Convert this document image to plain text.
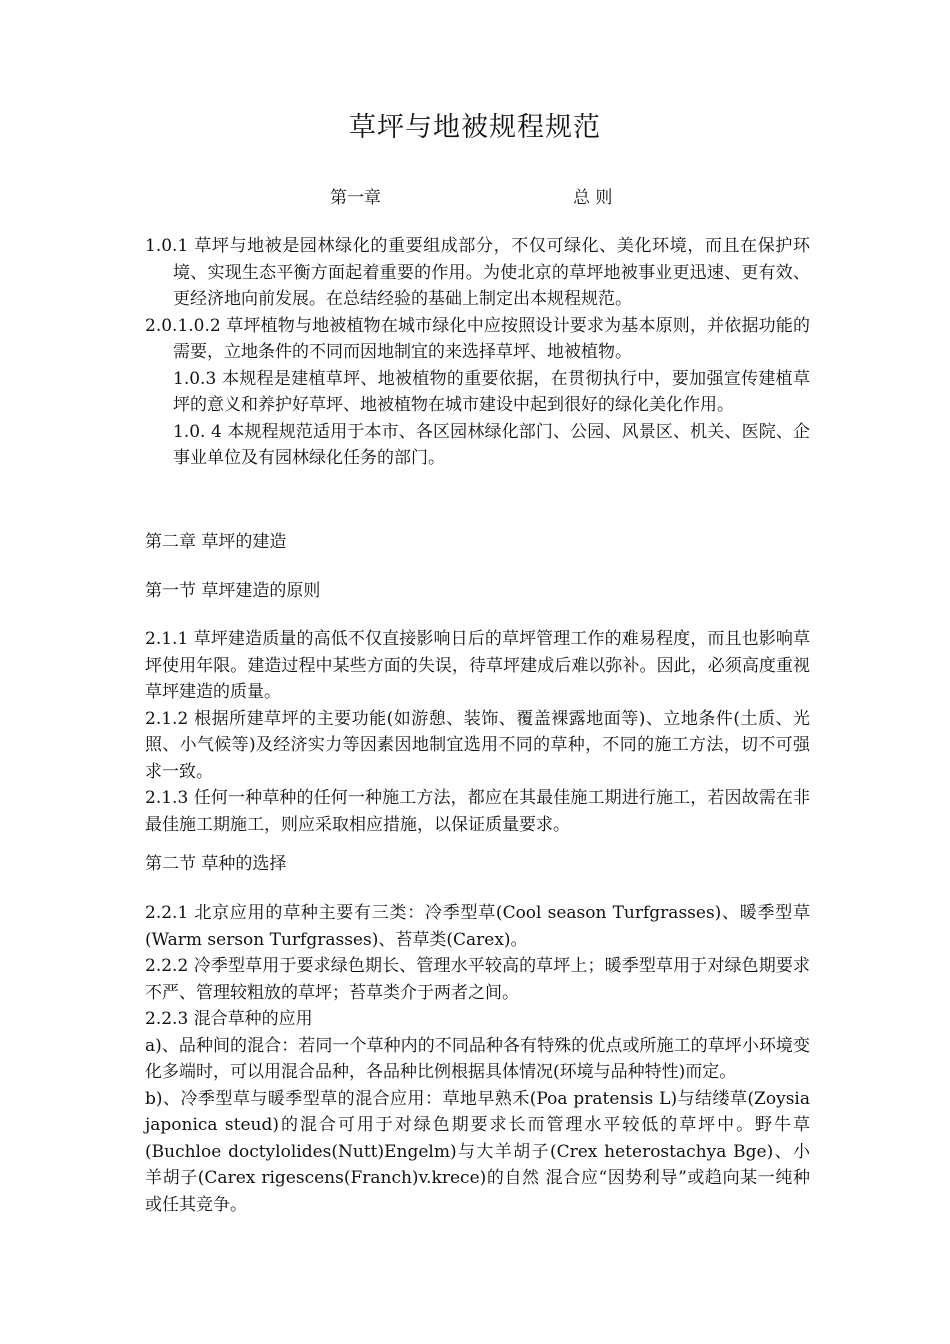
草坪与地被规程规范
第一章	总 则

1.0.1 草坪与地被是园林绿化的重要组成部分，不仅可绿化、美化环境，而且在保护环境、实现生态平衡方面起着重要的作用。为使北京的草坪地被事业更迅速、更有效、更经济地向前发展。在总结经验的基础上制定出本规程规范。

2.0.1.0.2 草坪植物与地被植物在城市绿化中应按照设计要求为基本原则，并依据功能的需要，立地条件的不同而因地制宜的来选择草坪、地被植物。

1.0.3 本规程是建植草坪、地被植物的重要依据，在贯彻执行中，要加强宣传建植草坪的意义和养护好草坪、地被植物在城市建设中起到很好的绿化美化作用。

1.0. 4 本规程规范适用于本市、各区园林绿化部门、公园、风景区、机关、医院、企事业单位及有园林绿化任务的部门。

第二章 草坪的建造
第一节 草坪建造的原则

2.1.1 草坪建造质量的高低不仅直接影响日后的草坪管理工作的难易程度，而且也影响草坪使用年限。建造过程中某些方面的失误，待草坪建成后难以弥补。因此，必须高度重视草坪建造的质量。

2.1.2 根据所建草坪的主要功能(如游憩、装饰、覆盖裸露地面等)、立地条件(土质、光照、小气候等)及经济实力等因素因地制宜选用不同的草种，不同的施工方法，切不可强求一致。

2.1.3 任何一种草种的任何一种施工方法，都应在其最佳施工期进行施工，若因故需在非最佳施工期施工，则应采取相应措施，以保证质量要求。

第二节 草种的选择

2.2.1 北京应用的草种主要有三类：冷季型草(Cool season Turfgrasses)、暖季型草(Warm serson Turfgrasses)、苔草类(Carex)。

2.2.2 冷季型草用于要求绿色期长、管理水平较高的草坪上；暖季型草用于对绿色期要求不严、管理较粗放的草坪；苔草类介于两者之间。

2.2.3 混合草种的应用

a)、品种间的混合：若同一个草种内的不同品种各有特殊的优点或所施工的草坪小环境变化多端时，可以用混合品种，各品种比例根据具体情况(环境与品种特性)而定。

b)、冷季型草与暖季型草的混合应用：草地早熟禾(Poa pratensis L)与结缕草(Zoysia japonica steud)的混合可用于对绿色期要求长而管理水平较低的草坪中。野牛草(Buchloe doctylolides(Nutt)Engelm)与大羊胡子(Crex heterostachya Bge)、小羊胡子(Carex rigescens(Franch)v.krece)的自然 混合应“因势利导”或趋向某一纯种或任其竞争。
